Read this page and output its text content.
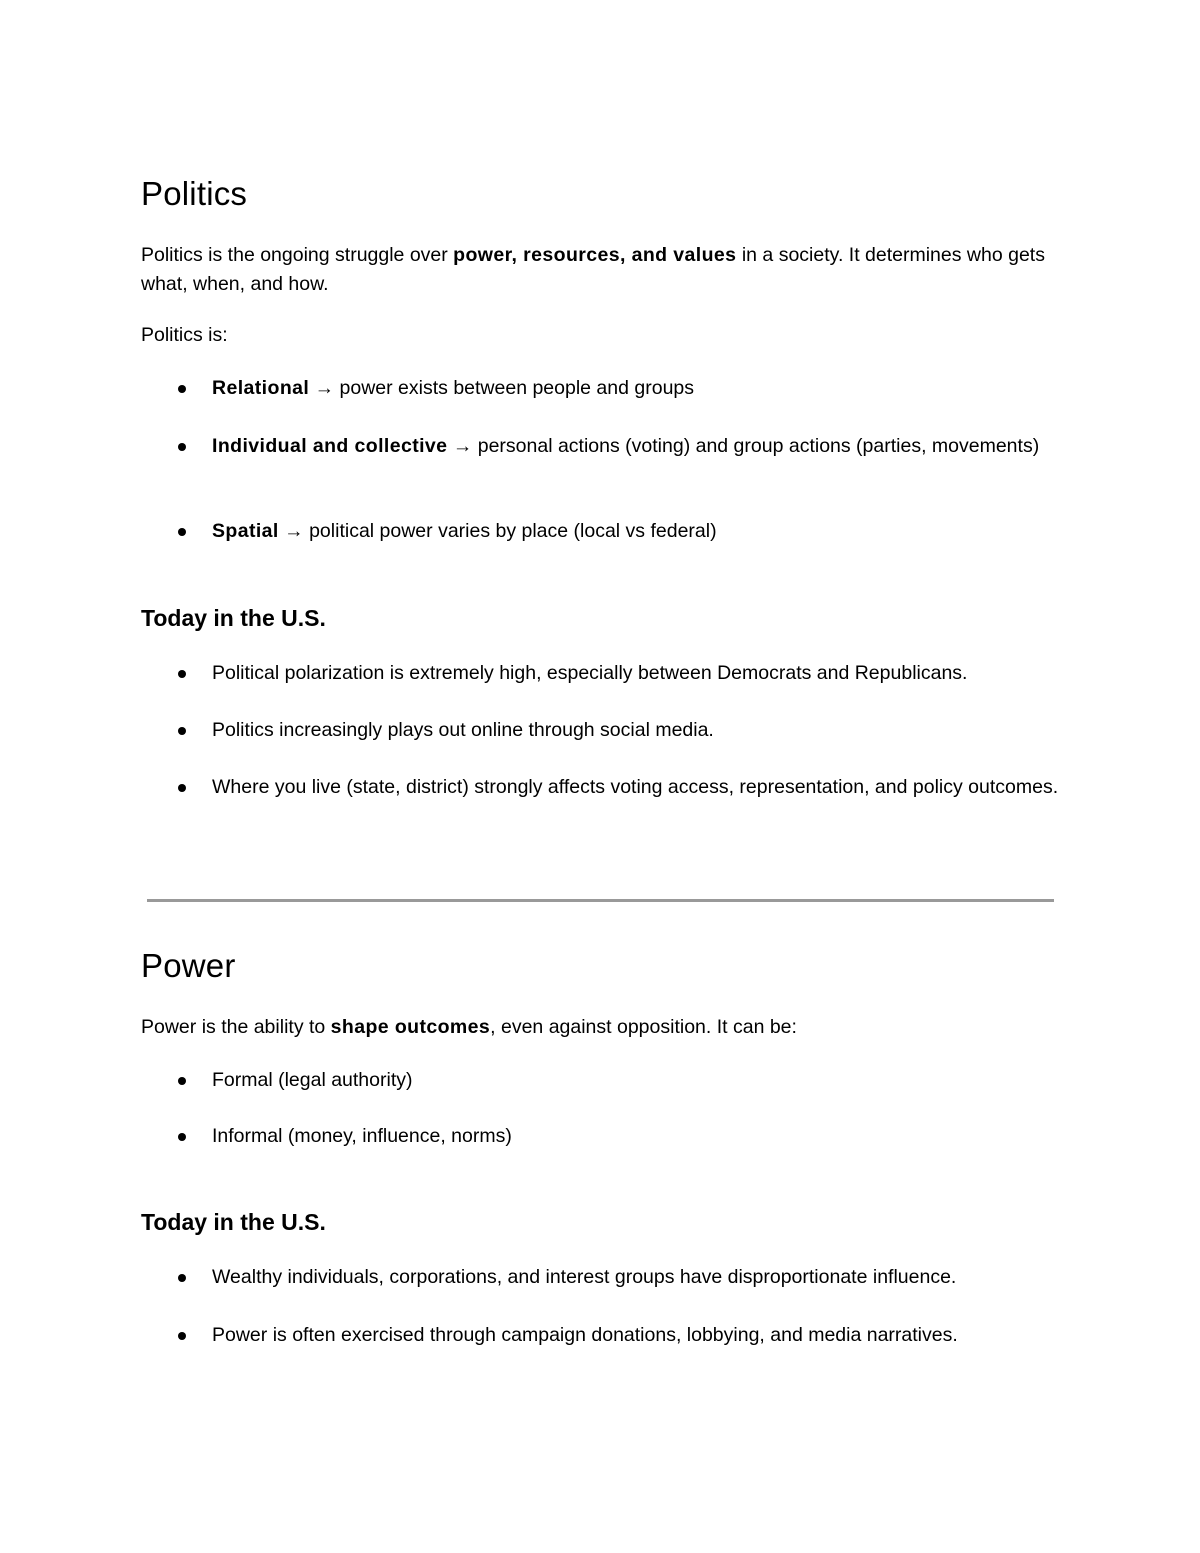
Politics

Politics is the ongoing struggle over power, resources, and values in a society. It determines who gets what, when, and how.

Politics is:

Relational → power exists between people and groups
Individual and collective → personal actions (voting) and group actions (parties, movements)
Spatial → political power varies by place (local vs federal)
Today in the U.S.
Political polarization is extremely high, especially between Democrats and Republicans.
Politics increasingly plays out online through social media.
Where you live (state, district) strongly affects voting access, representation, and policy outcomes.
Power

Power is the ability to shape outcomes, even against opposition. It can be:

Formal (legal authority)
Informal (money, influence, norms)
Today in the U.S.
Wealthy individuals, corporations, and interest groups have disproportionate influence.
Power is often exercised through campaign donations, lobbying, and media narratives.
